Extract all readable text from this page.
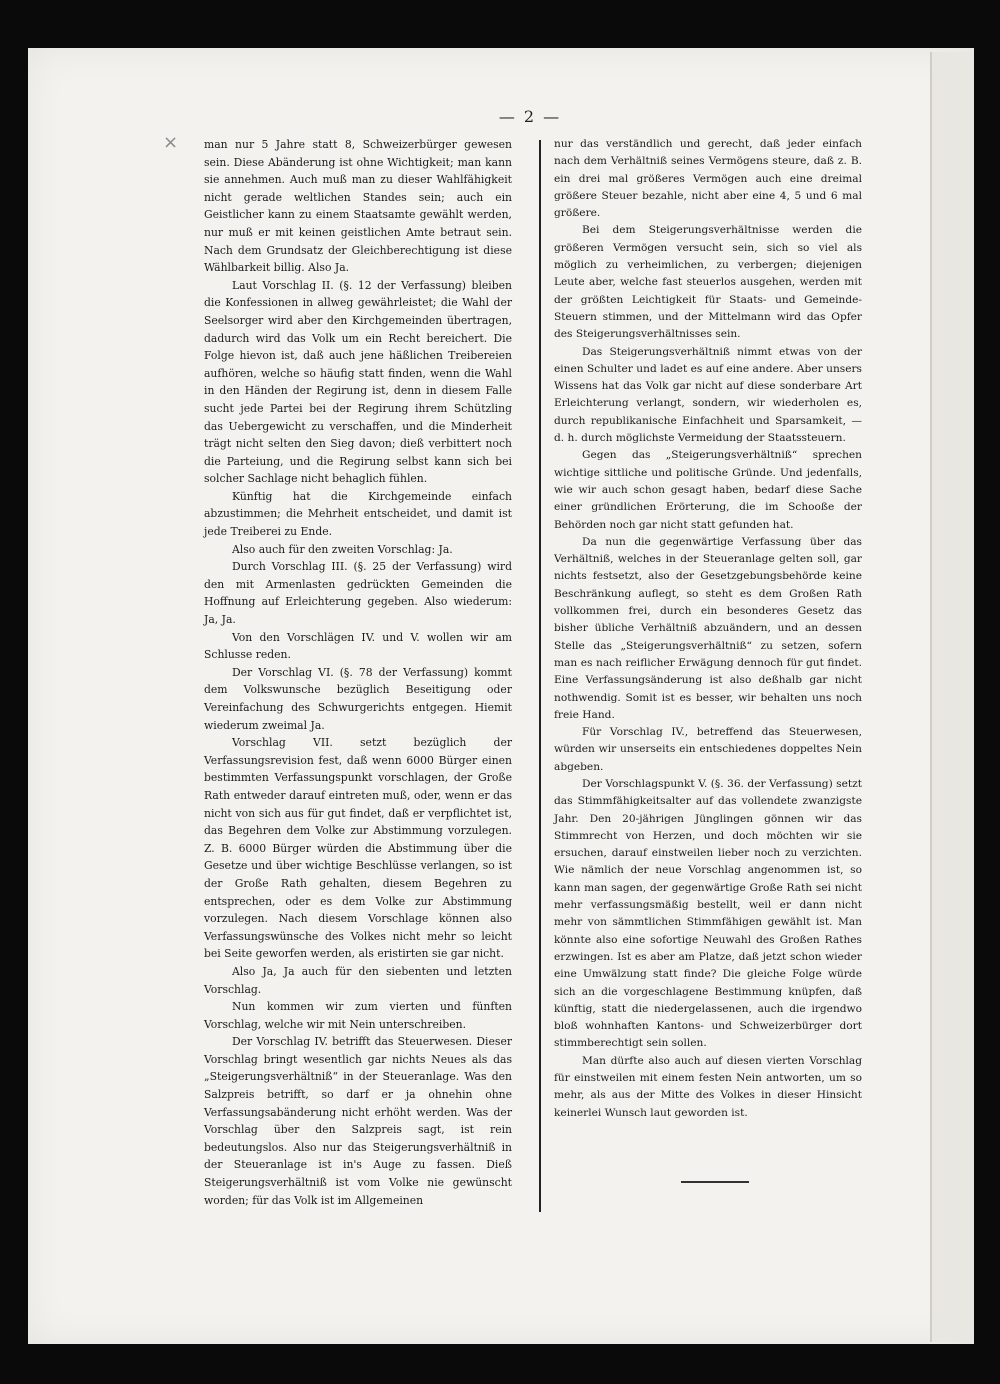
— 2 —
× man nur 5 Jahre statt 8, Schweizerbürger gewesen sein. Diese Abänderung ist ohne Wichtigkeit; man kann sie annehmen. Auch muß man zu dieser Wahlfähigkeit nicht gerade weltlichen Standes sein; auch ein Geistlicher kann zu einem Staatsamte gewählt werden, nur muß er mit keinen geistlichen Amte betraut sein. Nach dem Grundsatz der Gleichberechtigung ist diese Wählbarkeit billig. Also Ja.

Laut Vorschlag II. (§. 12 der Verfassung) bleiben die Konfessionen in allweg gewährleistet; die Wahl der Seelsorger wird aber den Kirchgemeinden übertragen, dadurch wird das Volk um ein Recht bereichert. Die Folge hievon ist, daß auch jene häßlichen Treibereien aufhören, welche so häufig statt finden, wenn die Wahl in den Händen der Regirung ist, denn in diesem Falle sucht jede Partei bei der Regirung ihrem Schützling das Uebergewicht zu verschaffen, und die Minderheit trägt nicht selten den Sieg davon; dieß verbittert noch die Parteiung, und die Regirung selbst kann sich bei solcher Sachlage nicht behaglich fühlen.

Künftig hat die Kirchgemeinde einfach abzustimmen; die Mehrheit entscheidet, und damit ist jede Treiberei zu Ende.

Also auch für den zweiten Vorschlag: Ja.

Durch Vorschlag III. (§. 25 der Verfassung) wird den mit Armenlasten gedrückten Gemeinden die Hoffnung auf Erleichterung gegeben. Also wiederum: Ja, Ja.

Von den Vorschlägen IV. und V. wollen wir am Schlusse reden.

Der Vorschlag VI. (§. 78 der Verfassung) kommt dem Volkswunsche bezüglich Beseitigung oder Vereinfachung des Schwurgerichts entgegen. Hiemit wiederum zweimal Ja.

Vorschlag VII. setzt bezüglich der Verfassungsrevision fest, daß wenn 6000 Bürger einen bestimmten Verfassungspunkt vorschlagen, der Große Rath entweder darauf eintreten muß, oder, wenn er das nicht von sich aus für gut findet, daß er verpflichtet ist, das Begehren dem Volke zur Abstimmung vorzulegen. Z. B. 6000 Bürger würden die Abstimmung über die Gesetze und über wichtige Beschlüsse verlangen, so ist der Große Rath gehalten, diesem Begehren zu entsprechen, oder es dem Volke zur Abstimmung vorzulegen. Nach diesem Vorschlage können also Verfassungswünsche des Volkes nicht mehr so leicht bei Seite geworfen werden, als eristirten sie gar nicht.

Also Ja, Ja auch für den siebenten und letzten Vorschlag.

Nun kommen wir zum vierten und fünften Vorschlag, welche wir mit Nein unterschreiben.

Der Vorschlag IV. betrifft das Steuerwesen. Dieser Vorschlag bringt wesentlich gar nichts Neues als das „Steigerungsverhältniß“ in der Steueranlage. Was den Salzpreis betrifft, so darf er ja ohnehin ohne Verfassungsabänderung nicht erhöht werden. Was der Vorschlag über den Salzpreis sagt, ist rein bedeutungslos. Also nur das Steigerungsverhältniß in der Steueranlage ist in's Auge zu fassen. Dieß Steigerungsverhältniß ist vom Volke nie gewünscht worden; für das Volk ist im Allgemeinen

nur das verständlich und gerecht, daß jeder einfach nach dem Verhältniß seines Vermögens steure, daß z. B. ein drei mal größeres Vermögen auch eine dreimal größere Steuer bezahle, nicht aber eine 4, 5 und 6 mal größere.

Bei dem Steigerungsverhältnisse werden die größeren Vermögen versucht sein, sich so viel als möglich zu verheimlichen, zu verbergen; diejenigen Leute aber, welche fast steuerlos ausgehen, werden mit der größten Leichtigkeit für Staats- und Gemeinde-Steuern stimmen, und der Mittelmann wird das Opfer des Steigerungsverhältnisses sein.

Das Steigerungsverhältniß nimmt etwas von der einen Schulter und ladet es auf eine andere. Aber unsers Wissens hat das Volk gar nicht auf diese sonderbare Art Erleichterung verlangt, sondern, wir wiederholen es, durch republikanische Einfachheit und Sparsamkeit, — d. h. durch möglichste Vermeidung der Staatssteuern.

Gegen das „Steigerungsverhältniß“ sprechen wichtige sittliche und politische Gründe. Und jedenfalls, wie wir auch schon gesagt haben, bedarf diese Sache einer gründlichen Erörterung, die im Schooße der Behörden noch gar nicht statt gefunden hat.

Da nun die gegenwärtige Verfassung über das Verhältniß, welches in der Steueranlage gelten soll, gar nichts festsetzt, also der Gesetzgebungsbehörde keine Beschränkung auflegt, so steht es dem Großen Rath vollkommen frei, durch ein besonderes Gesetz das bisher übliche Verhältniß abzuändern, und an dessen Stelle das „Steigerungsverhältniß“ zu setzen, sofern man es nach reiflicher Erwägung dennoch für gut findet. Eine Verfassungsänderung ist also deßhalb gar nicht nothwendig. Somit ist es besser, wir behalten uns noch freie Hand.

Für Vorschlag IV., betreffend das Steuerwesen, würden wir unserseits ein entschiedenes doppeltes Nein abgeben.

Der Vorschlagspunkt V. (§. 36. der Verfassung) setzt das Stimmfähigkeitsalter auf das vollendete zwanzigste Jahr. Den 20-jährigen Jünglingen gönnen wir das Stimmrecht von Herzen, und doch möchten wir sie ersuchen, darauf einstweilen lieber noch zu verzichten. Wie nämlich der neue Vorschlag angenommen ist, so kann man sagen, der gegenwärtige Große Rath sei nicht mehr verfassungsmäßig bestellt, weil er dann nicht mehr von sämmtlichen Stimmfähigen gewählt ist. Man könnte also eine sofortige Neuwahl des Großen Rathes erzwingen. Ist es aber am Platze, daß jetzt schon wieder eine Umwälzung statt finde? Die gleiche Folge würde sich an die vorgeschlagene Bestimmung knüpfen, daß künftig, statt die niedergelassenen, auch die irgendwo bloß wohnhaften Kantons- und Schweizerbürger dort stimmberechtigt sein sollen.

Man dürfte also auch auf diesen vierten Vorschlag für einstweilen mit einem festen Nein antworten, um so mehr, als aus der Mitte des Volkes in dieser Hinsicht keinerlei Wunsch laut geworden ist.
